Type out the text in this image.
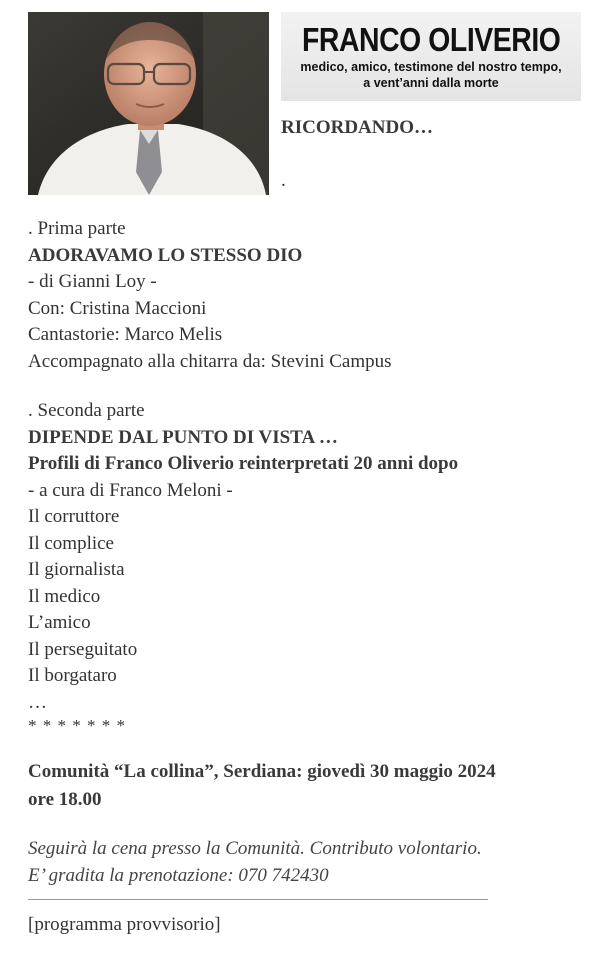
FRANCO OLIVERIO
medico, amico, testimone del nostro tempo,
a vent’anni dalla morte
RICORDANDO…
.

. Prima parte

ADORAVAMO LO STESSO DIO

- di Gianni Loy -

Con: Cristina Maccioni

Cantastorie: Marco Melis

Accompagnato alla chitarra da: Stevini Campus

. Seconda parte

DIPENDE DAL PUNTO DI VISTA …

Profili di Franco Oliverio reinterpretati 20 anni dopo

- a cura di Franco Meloni -

Il corruttore

Il complice

Il giornalista

Il medico

L’amico

Il perseguitato

Il borgataro

…

* * * * * * *

Comunità “La collina”, Serdiana: giovedì 30 maggio 2024

ore 18.00

Seguirà la cena presso la Comunità. Contributo volontario.

E’ gradita la prenotazione: 070 742430

[programma provvisorio]
